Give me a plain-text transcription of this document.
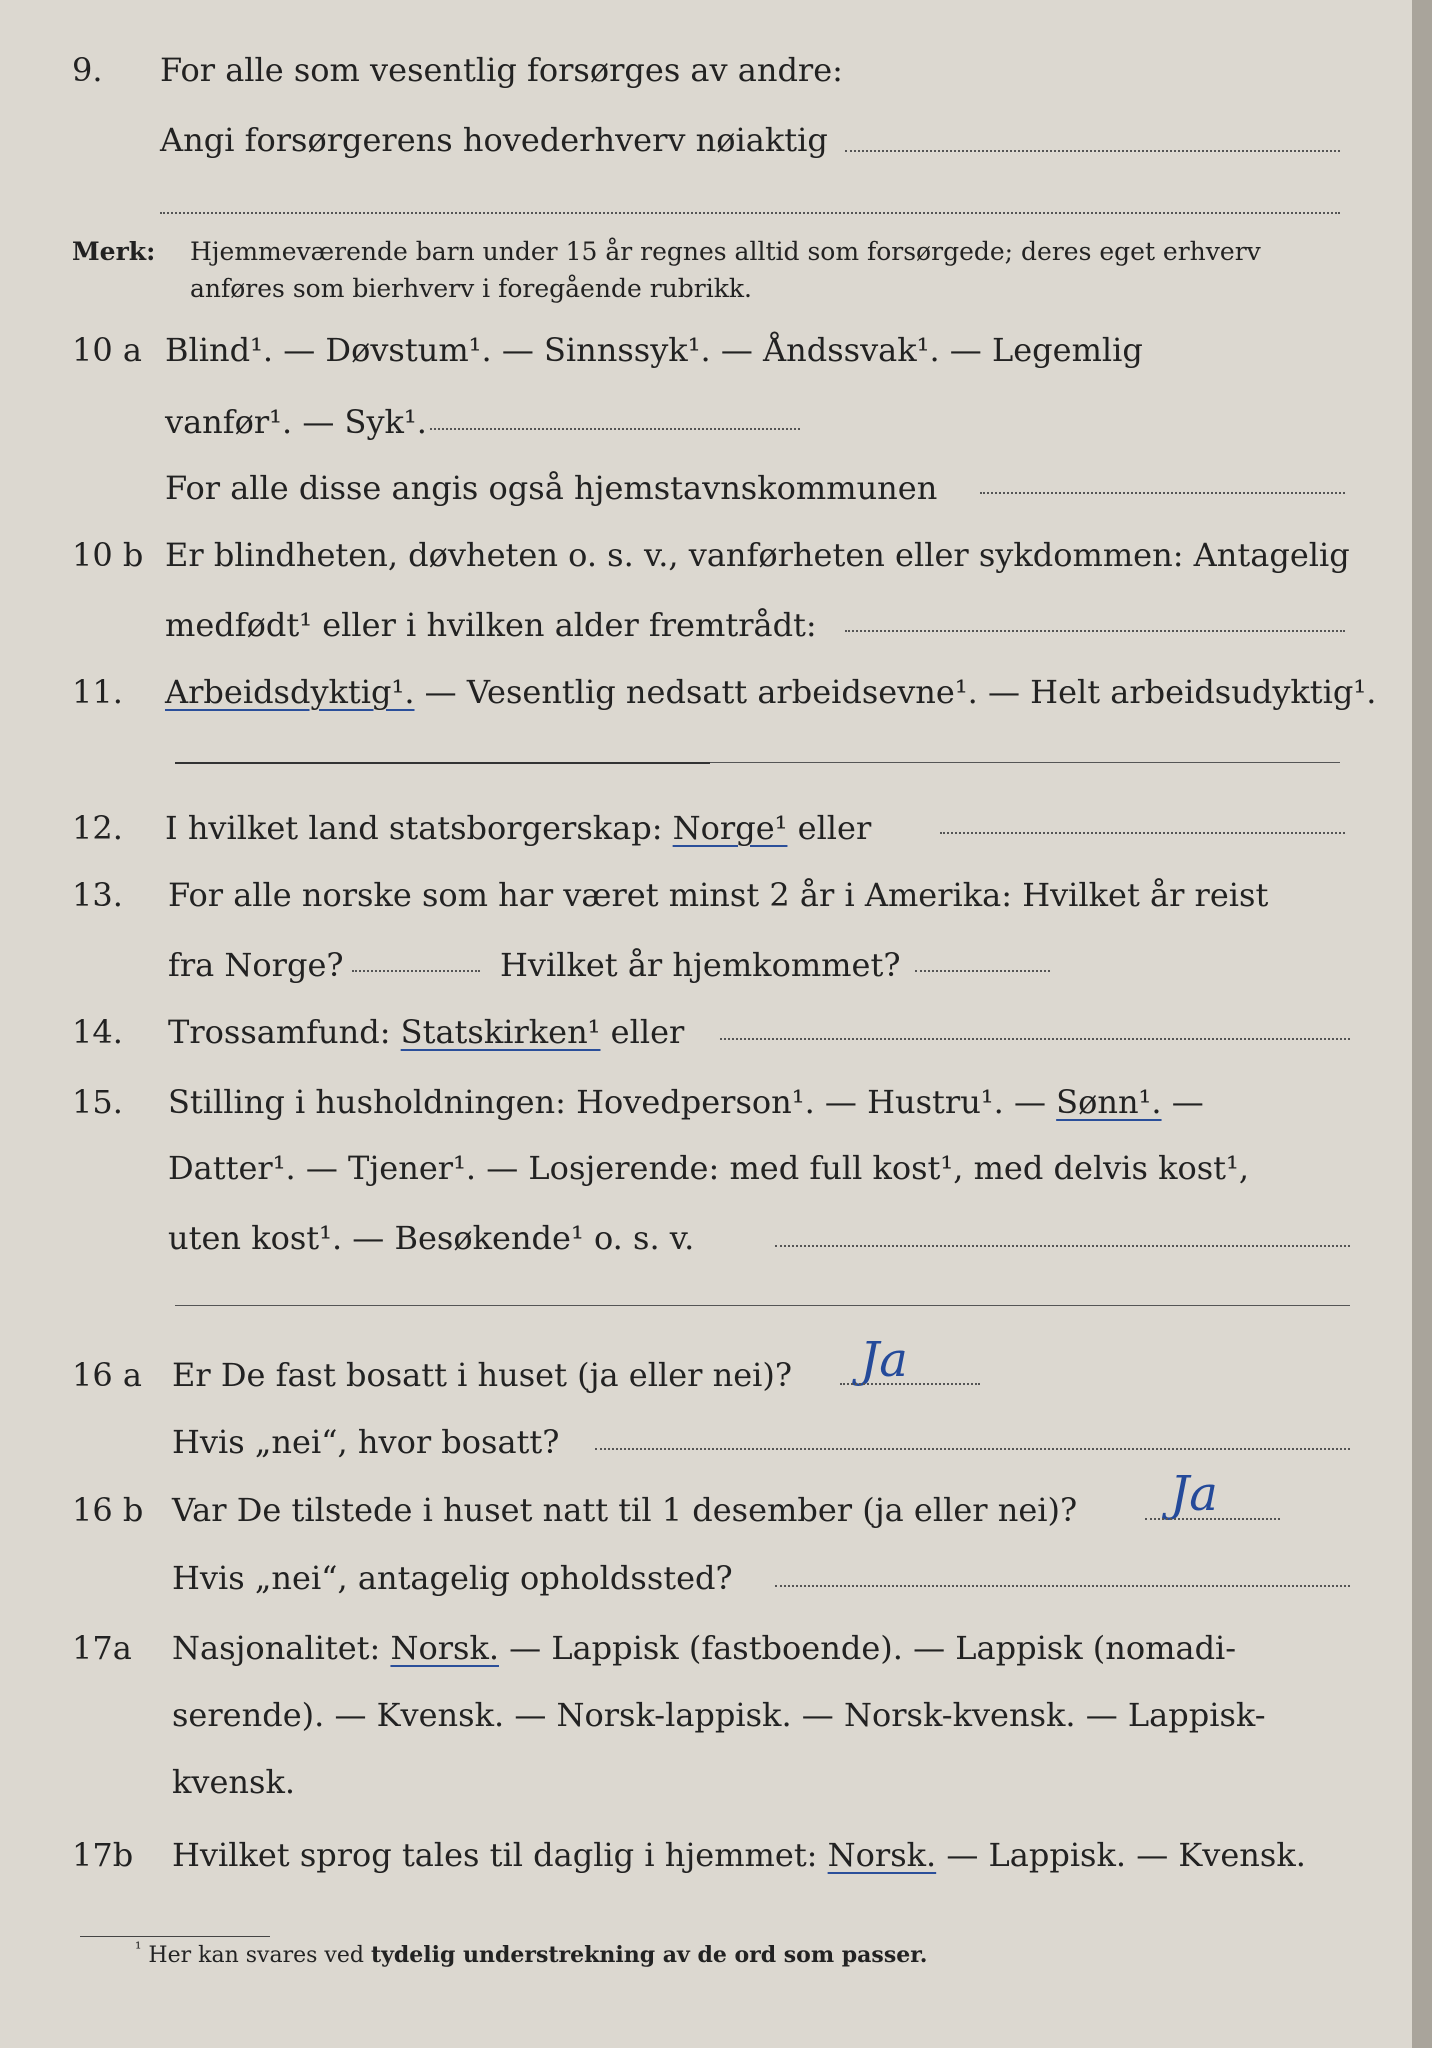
9. For alle som vesentlig forsørges av andre:
Angi forsørgerens hovederhverv nøiaktig
Merk: Hjemmeværende barn under 15 år regnes alltid som forsørgede; deres eget erhverv
anføres som bierhverv i foregående rubrikk.
10 a Blind¹. — Døvstum¹. — Sinnssyk¹. — Åndssvak¹. — Legemlig
vanfør¹. — Syk¹.
For alle disse angis også hjemstavnskommunen
10 b Er blindheten, døvheten o. s. v., vanførheten eller sykdommen: Antagelig
medfødt¹ eller i hvilken alder fremtrådt:
11. Arbeidsdyktig¹. — Vesentlig nedsatt arbeidsevne¹. — Helt arbeidsudyktig¹.
12. I hvilket land statsborgerskap: Norge¹ eller
13. For alle norske som har været minst 2 år i Amerika: Hvilket år reist
fra Norge?	Hvilket år hjemkommet?
14. Trossamfund: Statskirken¹ eller
15. Stilling i husholdningen: Hovedperson¹. — Hustru¹. — Sønn¹. —
Datter¹. — Tjener¹. — Losjerende: med full kost¹, med delvis kost¹,
uten kost¹. — Besøkende¹ o. s. v.
16 a Er De fast bosatt i huset (ja eller nei)? Ja
Hvis „nei“, hvor bosatt?
16 b Var De tilstede i huset natt til 1 desember (ja eller nei)? Ja
Hvis „nei“, antagelig opholdssted?
17a Nasjonalitet: Norsk. — Lappisk (fastboende). — Lappisk (nomadi-
serende). — Kvensk. — Norsk-lappisk. — Norsk-kvensk. — Lappisk-
kvensk.
17b Hvilket sprog tales til daglig i hjemmet: Norsk. — Lappisk. — Kvensk.
$^{^1}$ Her kan svares ved tydelig understrekning av de ord som passer.
